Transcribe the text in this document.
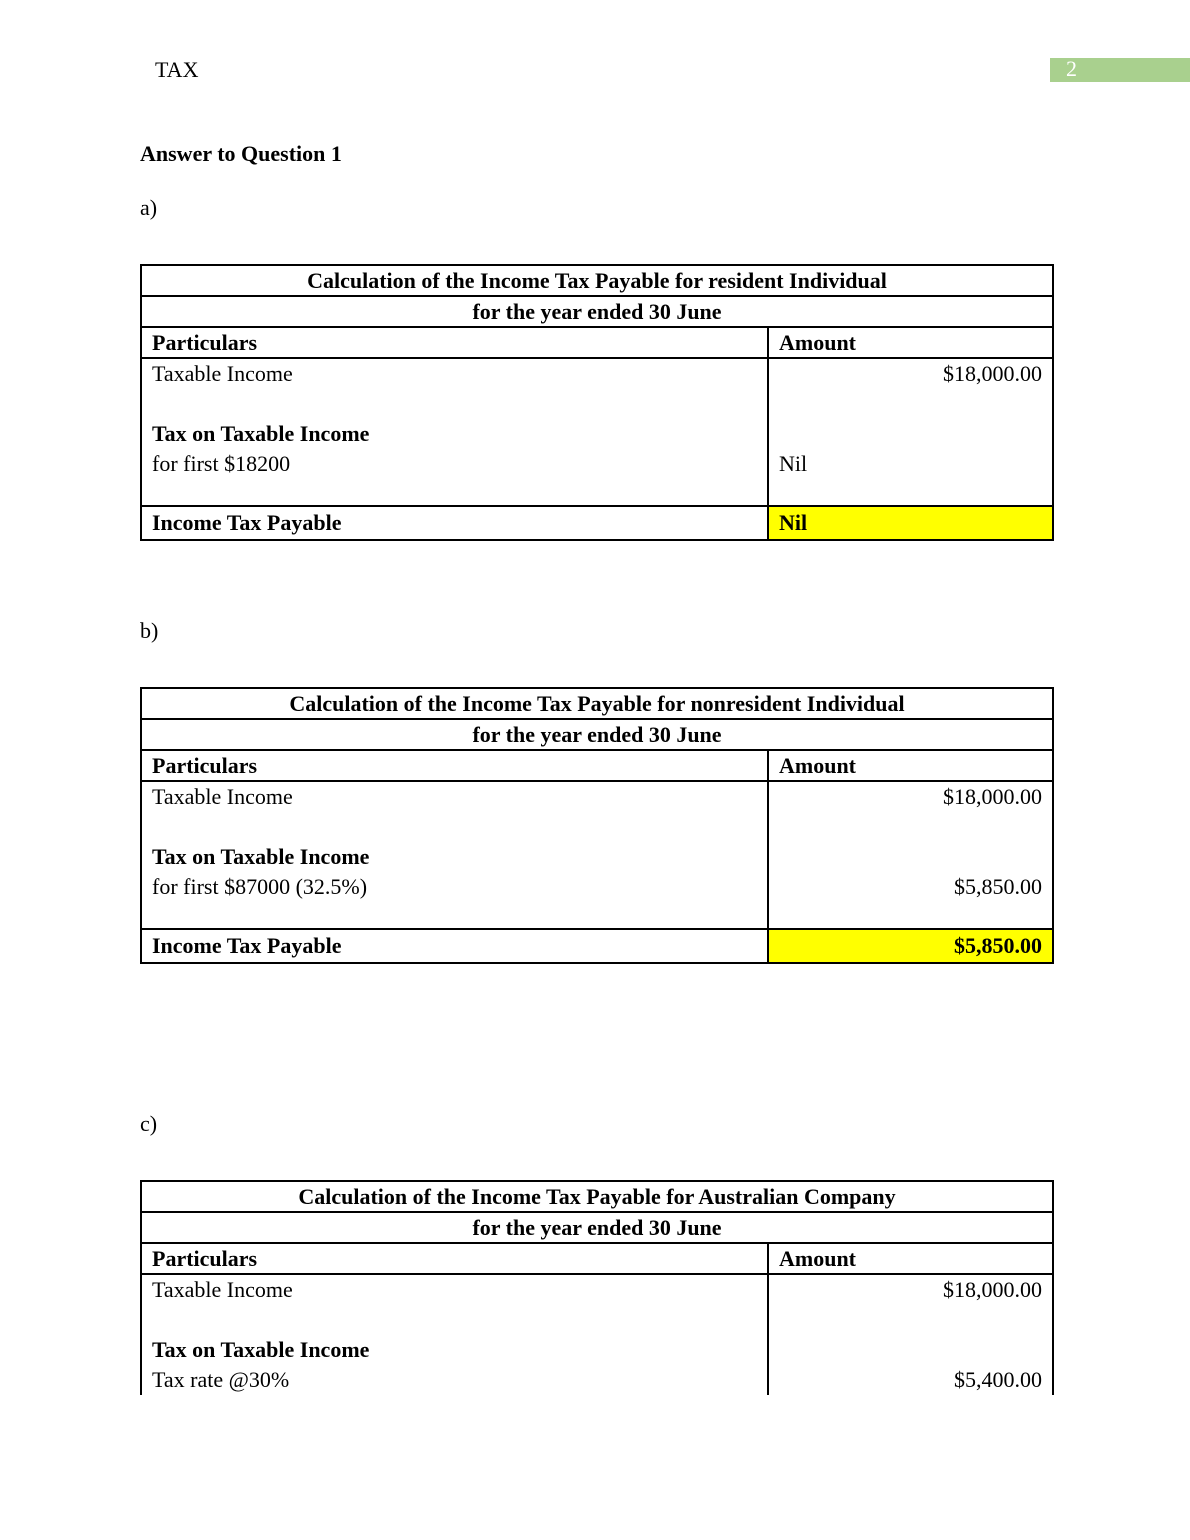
TAX	2
Answer to Question 1
a)
Calculation of the Income Tax Payable for resident Individual	
for the year ended 30 June	
Particulars	Amount
Taxable Income	$18,000.00

Tax on Taxable Income	
for first $18200	Nil

Income Tax Payable	Nil
b)
Calculation of the Income Tax Payable for nonresident Individual	
for the year ended 30 June	
Particulars	Amount
Taxable Income	$18,000.00

Tax on Taxable Income	
for first $87000 (32.5%)	$5,850.00

Income Tax Payable	$5,850.00
c)
Calculation of the Income Tax Payable for Australian Company	
for the year ended 30 June	
Particulars	Amount
Taxable Income	$18,000.00

Tax on Taxable Income	
Tax rate @30%	$5,400.00
